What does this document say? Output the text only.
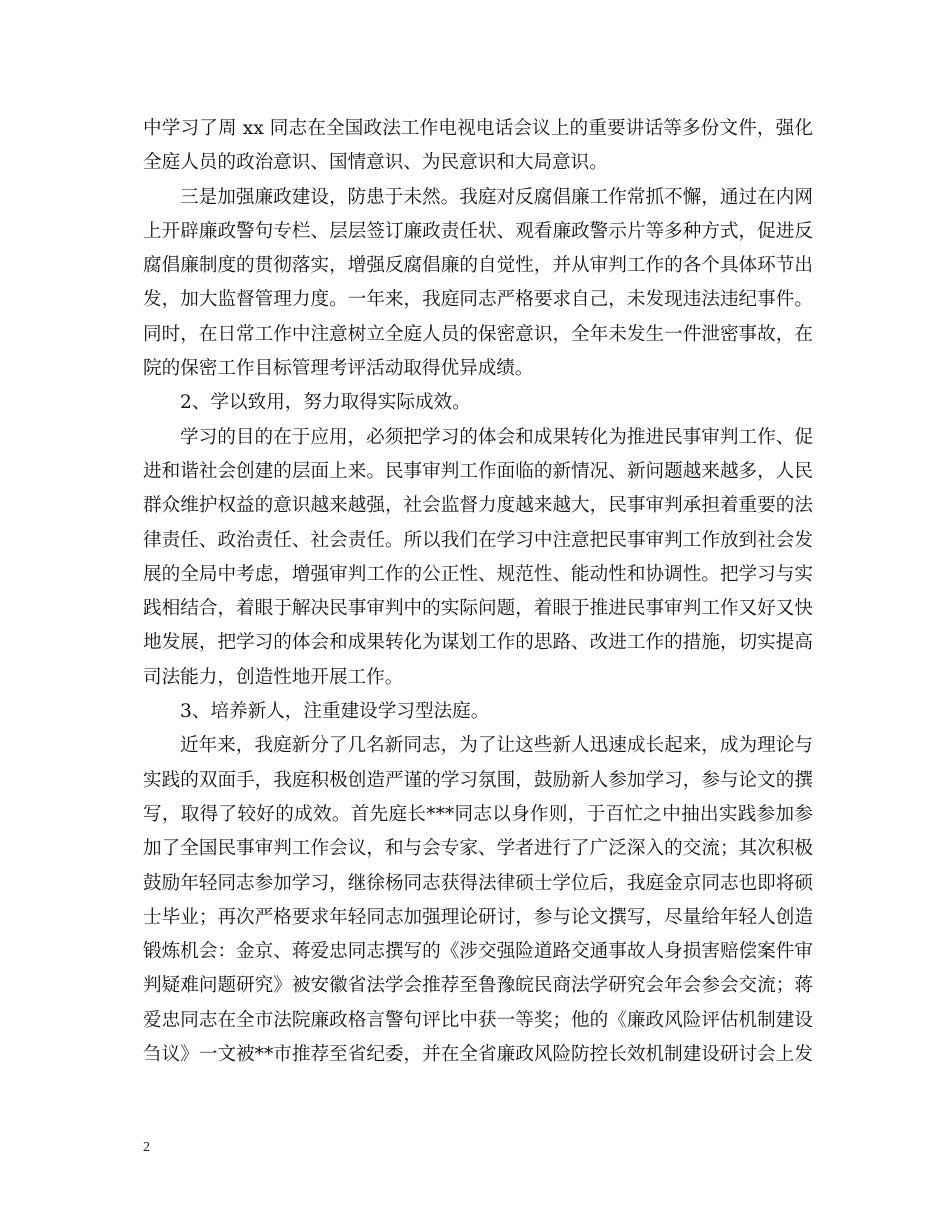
中学习了周 xx 同志在全国政法工作电视电话会议上的重要讲话等多份文件，强化
全庭人员的政治意识、国情意识、为民意识和大局意识。
三是加强廉政建设，防患于未然。我庭对反腐倡廉工作常抓不懈，通过在内网
上开辟廉政警句专栏、层层签订廉政责任状、观看廉政警示片等多种方式，促进反
腐倡廉制度的贯彻落实，增强反腐倡廉的自觉性，并从审判工作的各个具体环节出
发，加大监督管理力度。一年来，我庭同志严格要求自己，未发现违法违纪事件。
同时，在日常工作中注意树立全庭人员的保密意识，全年未发生一件泄密事故，在
院的保密工作目标管理考评活动取得优异成绩。
2、学以致用，努力取得实际成效。
学习的目的在于应用，必须把学习的体会和成果转化为推进民事审判工作、促
进和谐社会创建的层面上来。民事审判工作面临的新情况、新问题越来越多，人民
群众维护权益的意识越来越强，社会监督力度越来越大，民事审判承担着重要的法
律责任、政治责任、社会责任。所以我们在学习中注意把民事审判工作放到社会发
展的全局中考虑，增强审判工作的公正性、规范性、能动性和协调性。把学习与实
践相结合，着眼于解决民事审判中的实际问题，着眼于推进民事审判工作又好又快
地发展，把学习的体会和成果转化为谋划工作的思路、改进工作的措施，切实提高
司法能力，创造性地开展工作。
3、培养新人，注重建设学习型法庭。
近年来，我庭新分了几名新同志，为了让这些新人迅速成长起来，成为理论与
实践的双面手，我庭积极创造严谨的学习氛围，鼓励新人参加学习，参与论文的撰
写，取得了较好的成效。首先庭长***同志以身作则，于百忙之中抽出实践参加参
加了全国民事审判工作会议，和与会专家、学者进行了广泛深入的交流；其次积极
鼓励年轻同志参加学习，继徐杨同志获得法律硕士学位后，我庭金京同志也即将硕
士毕业；再次严格要求年轻同志加强理论研讨，参与论文撰写，尽量给年轻人创造
锻炼机会：金京、蒋爱忠同志撰写的《涉交强险道路交通事故人身损害赔偿案件审
判疑难问题研究》被安徽省法学会推荐至鲁豫皖民商法学研究会年会参会交流；蒋
爱忠同志在全市法院廉政格言警句评比中获一等奖；他的《廉政风险评估机制建设
刍议》一文被**市推荐至省纪委，并在全省廉政风险防控长效机制建设研讨会上发
2
